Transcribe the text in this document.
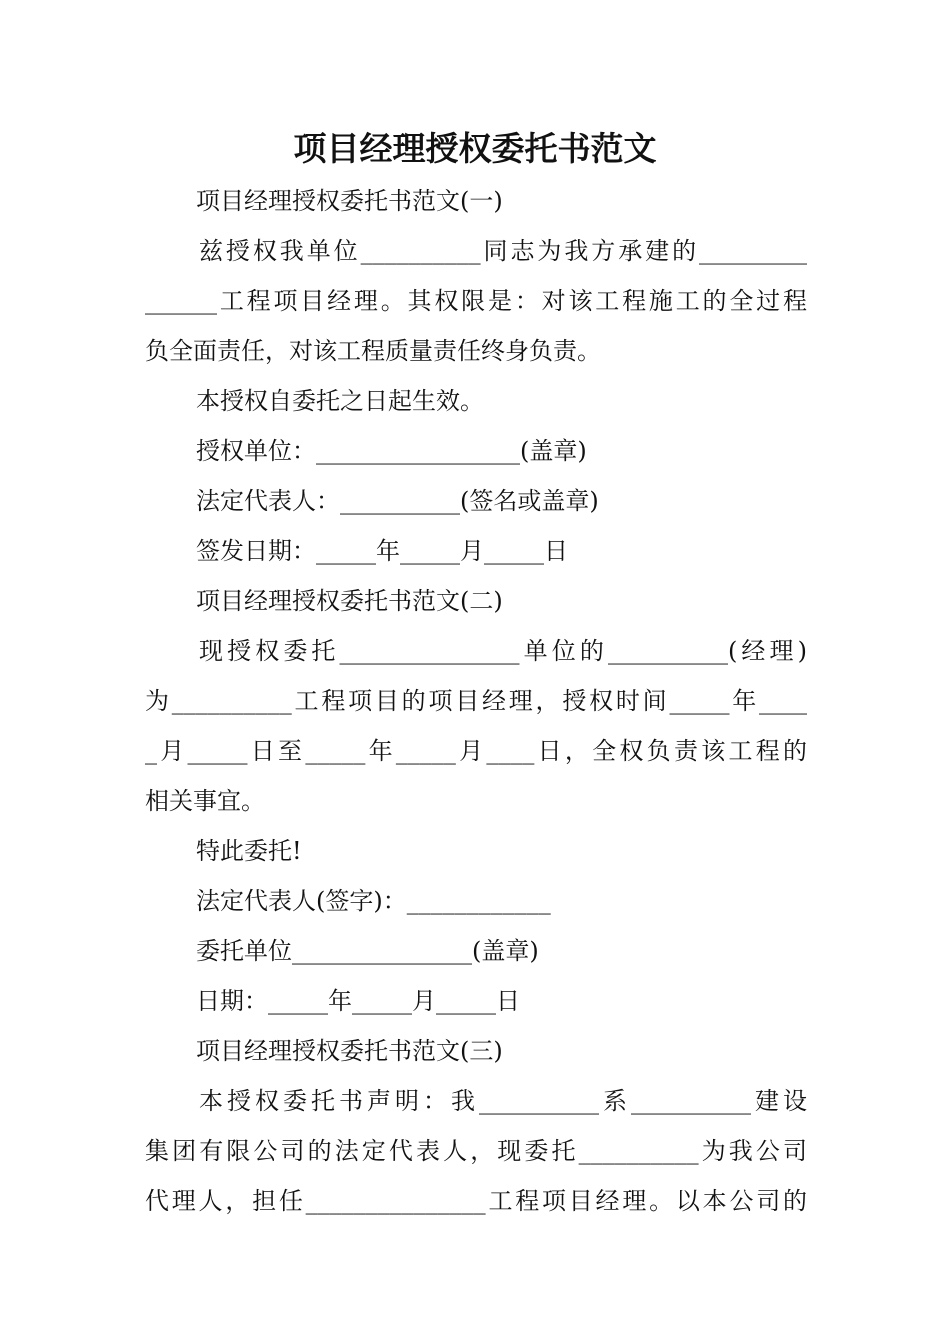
项目经理授权委托书范文

项目经理授权委托书范文(一)

兹授权我单位__________同志为我方承建的_________

______工程项目经理。其权限是：对该工程施工的全过程

负全面责任，对该工程质量责任终身负责。

本授权自委托之日起生效。

授权单位：_________________(盖章)

法定代表人：__________(签名或盖章)

签发日期：_____年_____月_____日

项目经理授权委托书范文(二)

现授权委托_______________单位的__________(经理)

为__________工程项目的项目经理，授权时间_____年____

_月_____日至_____年_____月____日，全权负责该工程的

相关事宜。

特此委托!

法定代表人(签字)：____________

委托单位_______________(盖章)

日期：_____年_____月_____日

项目经理授权委托书范文(三)

本授权委托书声明：我__________系__________建设

集团有限公司的法定代表人，现委托__________为我公司

代理人，担任_______________工程项目经理。以本公司的
